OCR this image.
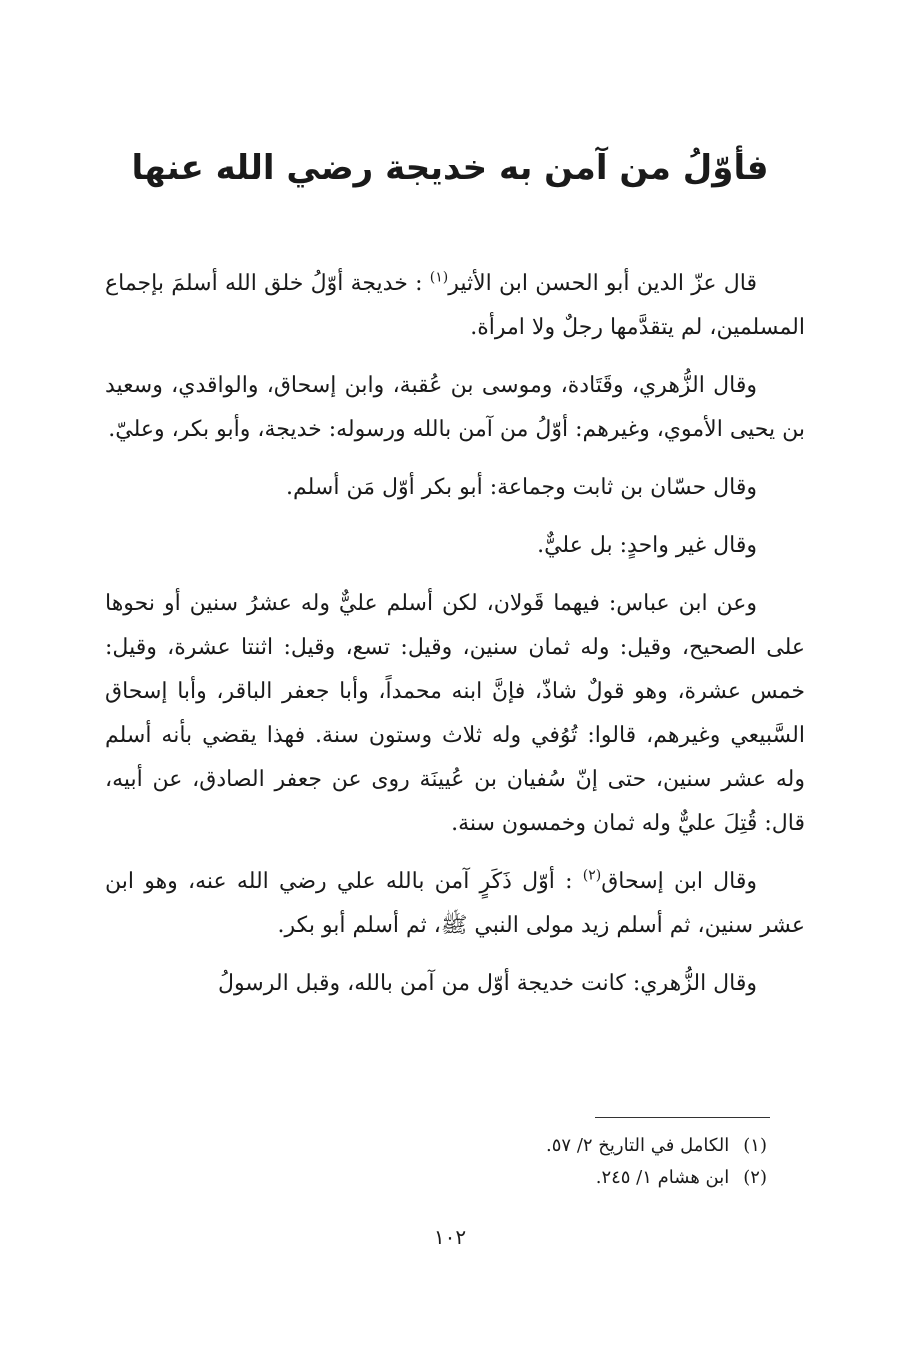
فأوّلُ من آمن به خديجة رضي الله عنها

قال عزّ الدين أبو الحسن ابن الأثير$^{(١)}$ : خديجة أوّلُ خلق الله أسلمَ بإجماع المسلمين، لم يتقدَّمها رجلٌ ولا امرأة.

وقال الزُّهري، وقَتَادة، وموسى بن عُقبة، وابن إسحاق، والواقدي، وسعيد بن يحيى الأموي، وغيرهم: أوّلُ من آمن بالله ورسوله: خديجة، وأبو بكر، وعليّ.

وقال حسّان بن ثابت وجماعة: أبو بكر أوّل مَن أسلم.

وقال غير واحدٍ: بل عليٌّ.

وعن ابن عباس: فيهما قَولان، لكن أسلم عليٌّ وله عشرُ سنين أو نحوها على الصحيح، وقيل: وله ثمان سنين، وقيل: تسع، وقيل: اثنتا عشرة، وقيل: خمس عشرة، وهو قولٌ شاذّ، فإنَّ ابنه محمداً، وأبا جعفر الباقر، وأبا إسحاق السَّبيعي وغيرهم، قالوا: تُوُفي وله ثلاث وستون سنة. فهذا يقضي بأنه أسلم وله عشر سنين، حتى إنّ سُفيان بن عُيينَة روى عن جعفر الصادق، عن أبيه، قال: قُتِلَ عليٌّ وله ثمان وخمسون سنة.

وقال ابن إسحاق$^{(٢)}$ : أوّل ذَكَرٍ آمن بالله علي رضي الله عنه، وهو ابن عشر سنين، ثم أسلم زيد مولى النبي ﷺ، ثم أسلم أبو بكر.

وقال الزُّهري: كانت خديجة أوّل من آمن بالله، وقبل الرسولُ

(١)الكامل في التاريخ ٢/ ٥٧.
(٢)ابن هشام ١/ ٢٤٥.
١٠٢
